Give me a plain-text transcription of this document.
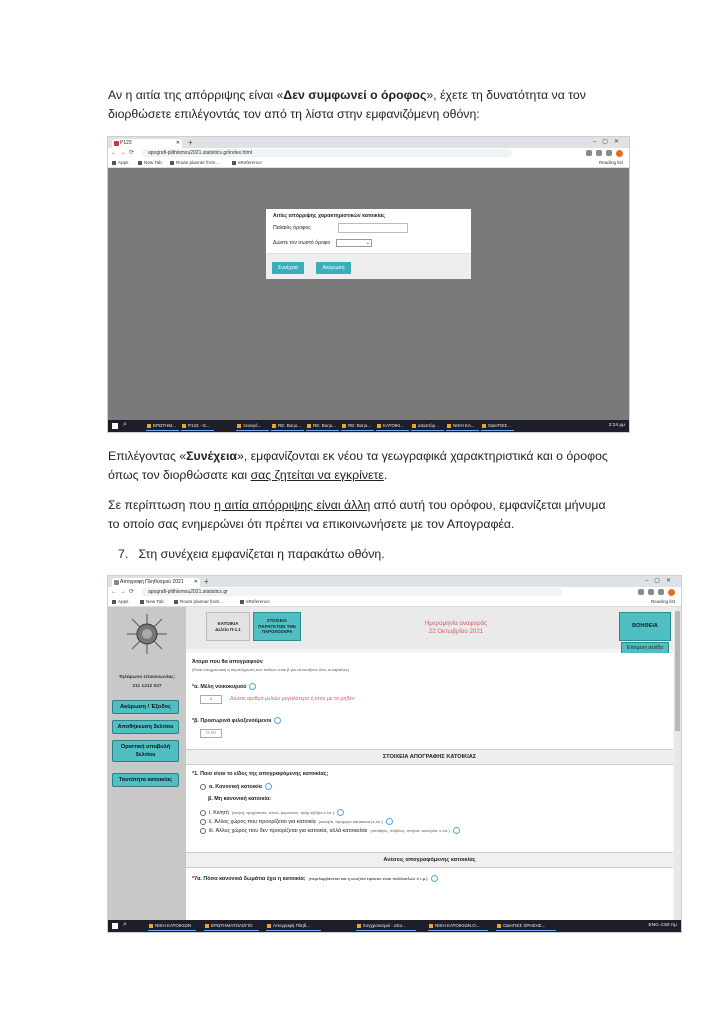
Αν η αιτία της απόρριψης είναι «Δεν συμφωνεί ο όροφος», έχετε τη δυνατότητα να τον διορθώσετε επιλέγοντάς τον από τη λίστα στην εμφανιζόμενη οθόνη:

P123	✕ +	–▢✕
←→⟳	apografi-plithismou2021.statistics.gr/index.html
Apps	New Tab	Route planner from...	eReference	Reading list
Αιτίες απόρριψης χαρακτηριστικών κατοικίας
Παλαιός όροφος
Δώστε τον σωστό όροφο	⌄
Συνέχεια	Ακύρωση
⌕	ΕΡΩΤΗΜ...	P123 - G...	Ξεναγό...	RE: Βοηο...	RE: Βοηο...	RE: Βοηο...	ΚΑΤΟΙΚΙ...	αιτιαπόρ...	ΝΙΚΗ ΚΑ...	ΟΔΗΓΙΕΣ...	2:24 μμ

Επιλέγοντας «Συνέχεια», εμφανίζονται εκ νέου τα γεωγραφικά χαρακτηριστικά και ο όροφος όπως τον διορθώσατε και σας ζητείται να εγκρίνετε.

Σε περίπτωση που η αιτία απόρριψης είναι άλλη από αυτή του ορόφου, εμφανίζεται μήνυμα το οποίο σας ενημερώνει ότι πρέπει να επικοινωνήσετε με τον Απογραφέα.

7. Στη συνέχεια εμφανίζεται η παρακάτω οθόνη.

Απογραφή Πληθυσμού 2021 ✕ +	–▢✕
←→⟳	apografi-plithismou2021.statistics.gr
Apps	New Tab	Route planner from...	eReference	Reading list
Τηλέφωνο επικοινωνίας:
211 1212 027
Ακύρωση / Έξοδος
Αποθήκευση δελτίου
Οριστική υποβολή δελτίου
Ταυτότητα κατοικίας
ΚΑΤΟΙΚΙΑ
Δελτίο Π-1.1
ΣΤΟΙΧΕΙΑ ΠΑΡΑΓΚΤΩΝ ΤΗΝ ΠΑΡΟΧΟΣΚΡΑ
Ημερομηνία αναφοράς
22 Οκτωβρίου 2021
ΒΟΗΘΕΙΑ
Επόμενη σελίδα
Άτομα που θα απογραφούν
(Είναι υποχρεωτική η συμπλήρωση των πεδίων α και β για να ανοίξουν όλες οι καρτέλες)
*α. Μέλη νοικοκυριού
1	Δώστε αριθμό μελών μεγαλύτερο ή ίσον με το μηδέν
*β. Προσωρινά φιλοξενούμενοι
0-10
ΣΤΟΙΧΕΙΑ ΑΠΟΓΡΑΦΗΣ ΚΑΤΟΙΚΙΑΣ
*1. Ποιο είναι το είδος της απογραφόμενης κατοικίας;
α. Κανονική κατοικία
β. Μη κανονική κατοικία:
i. Κινητή (σκηνή, τροχόσπιτο, πλοίο, ρυμουλκό, τρόχι εξέδρα κ.λπ.)
ii. Άλλος χώρος που προορίζεται για κατοικία (καλύβα, πρόχειρο κατασκευή κ.λπ.)
iii. Άλλος χώρος που δεν προορίζεται για κατοικία, αλλά κατοικείται (αποθήκη, στάβλος, σπηλιά, εκκλησία, κ.λπ.)
Ανέσεις απογραφόμενης κατοικίας
*7α. Πόσα κανονικά δωμάτια έχει η κατοικία; (περιλαμβάνεται και η κουζίνα εφόσον είναι πολλαπλών 4 τ.μ.)
⌕	ΝΙΚΗ ΚΑΤΟΙΚΙΩΝ	ΕΡΩΤΗΜΑΤΟΛΟΓΙΟ	Απογραφή Πληθ...	Συγχρονισμοί - απο...	ΝΙΚΗ ΚΑΤΟΙΚΙΩΝ.Ο...	ΟΔΗΓΙΕΣ ΧΡΗΣΗΣ...	ENG 4:50 πμ
